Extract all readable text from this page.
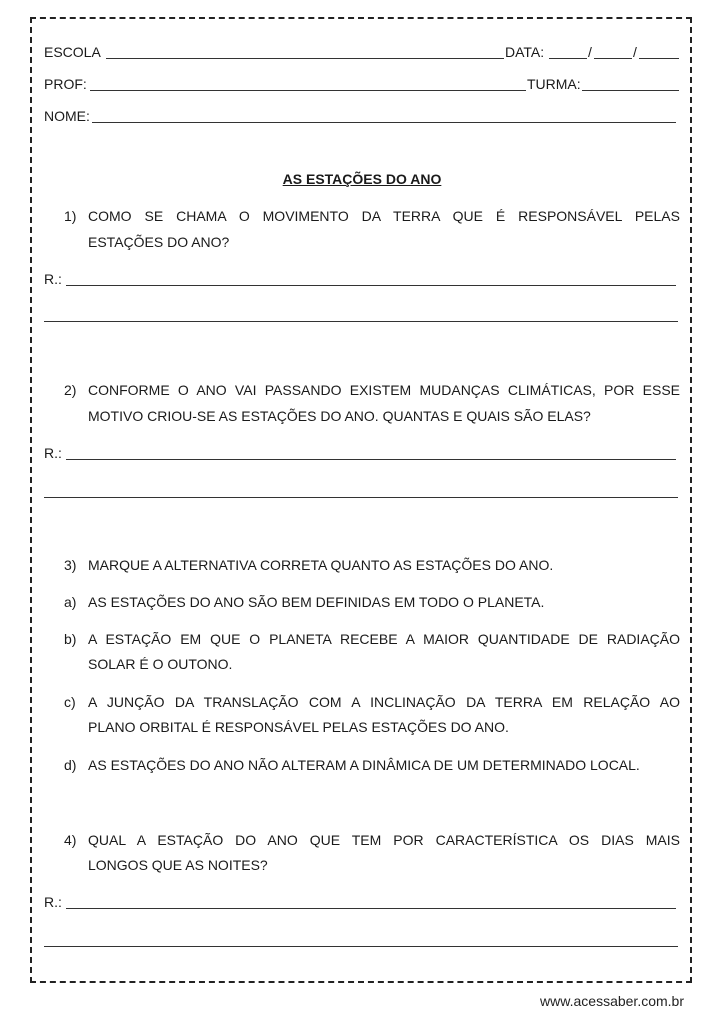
ESCOLA	DATA:	/	/
PROF:	TURMA:
NOME:
AS ESTAÇÕES DO ANO
1) COMO SE CHAMA O MOVIMENTO DA TERRA QUE É RESPONSÁVEL PELAS
ESTAÇÕES DO ANO?
R.:
2) CONFORME O ANO VAI PASSANDO EXISTEM MUDANÇAS CLIMÁTICAS, POR ESSE
MOTIVO CRIOU-SE AS ESTAÇÕES DO ANO. QUANTAS E QUAIS SÃO ELAS?
R.:
3) MARQUE A ALTERNATIVA CORRETA QUANTO AS ESTAÇÕES DO ANO.
a) AS ESTAÇÕES DO ANO SÃO BEM DEFINIDAS EM TODO O PLANETA.
b) A ESTAÇÃO EM QUE O PLANETA RECEBE A MAIOR QUANTIDADE DE RADIAÇÃO
SOLAR É O OUTONO.
c) A JUNÇÃO DA TRANSLAÇÃO COM A INCLINAÇÃO DA TERRA EM RELAÇÃO AO
PLANO ORBITAL É RESPONSÁVEL PELAS ESTAÇÕES DO ANO.
d) AS ESTAÇÕES DO ANO NÃO ALTERAM A DINÂMICA DE UM DETERMINADO LOCAL.
4) QUAL A ESTAÇÃO DO ANO QUE TEM POR CARACTERÍSTICA OS DIAS MAIS
LONGOS QUE AS NOITES?
R.:
www.acessaber.com.br
